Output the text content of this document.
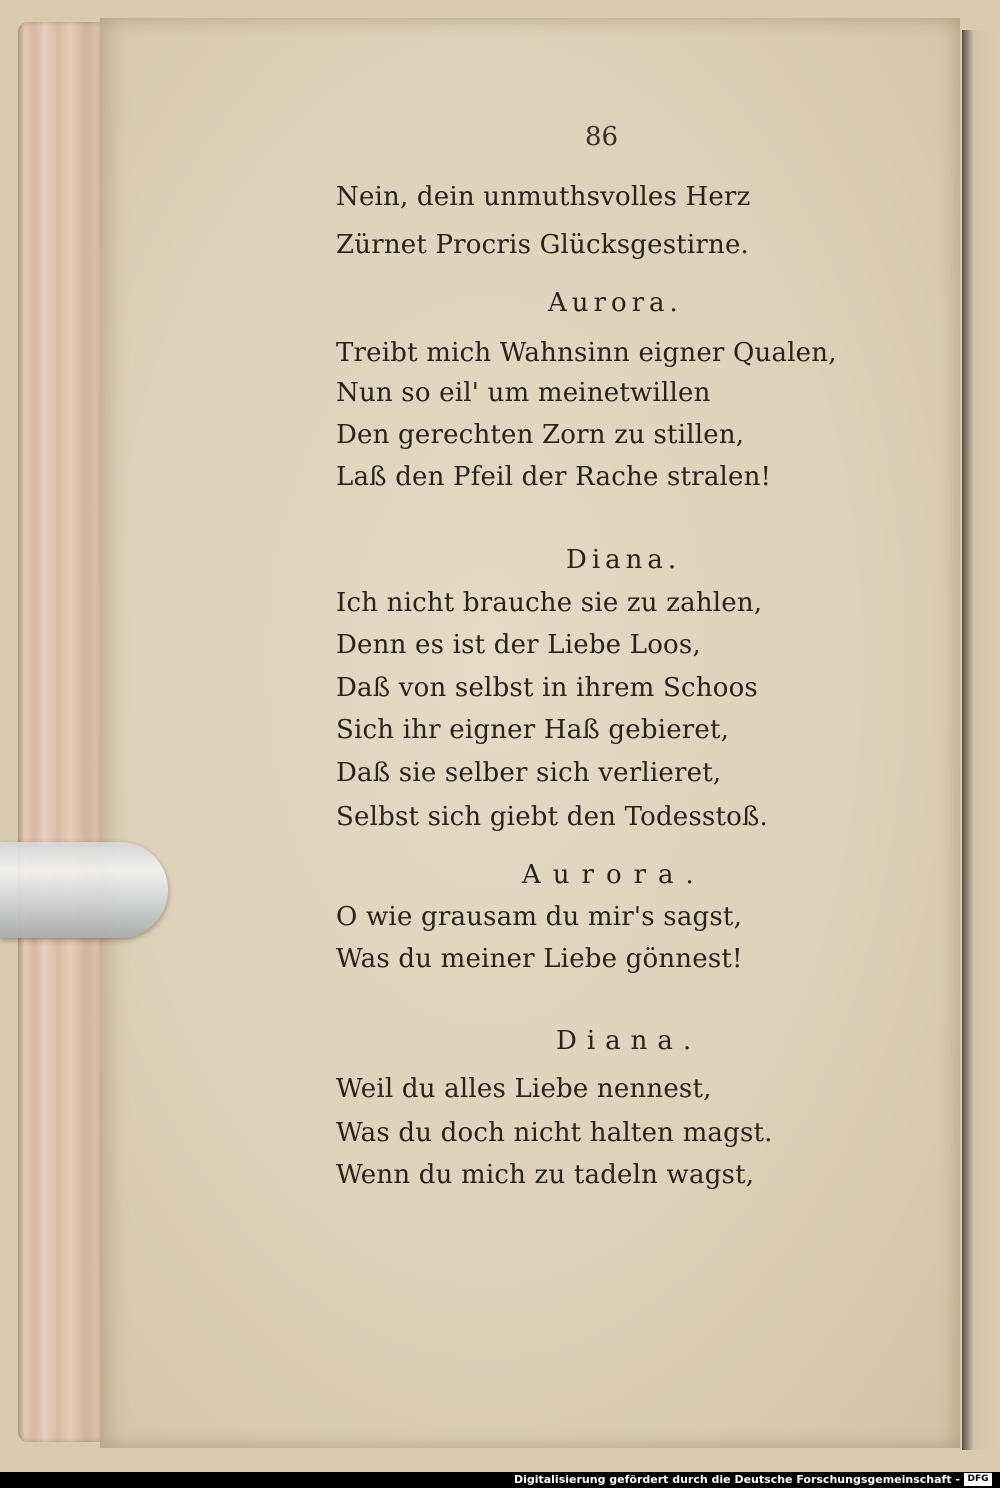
86
Nein, dein unmuthsvolles Herz
Zürnet Procris Glücksgestirne.
Aurora.
Treibt mich Wahnsinn eigner Qualen,
Nun so eil' um meinetwillen
Den gerechten Zorn zu stillen,
Laß den Pfeil der Rache stralen!
Diana.
Ich nicht brauche sie zu zahlen,
Denn es ist der Liebe Loos,
Daß von selbst in ihrem Schoos
Sich ihr eigner Haß gebieret,
Daß sie selber sich verlieret,
Selbst sich giebt den Todesstoß.
Aurora.
O wie grausam du mir's sagst,
Was du meiner Liebe gönnest!
Diana.
Weil du alles Liebe nennest,
Was du doch nicht halten magst.
Wenn du mich zu tadeln wagst,
Digitalisierung gefördert durch die Deutsche Forschungsgemeinschaft - DFG
